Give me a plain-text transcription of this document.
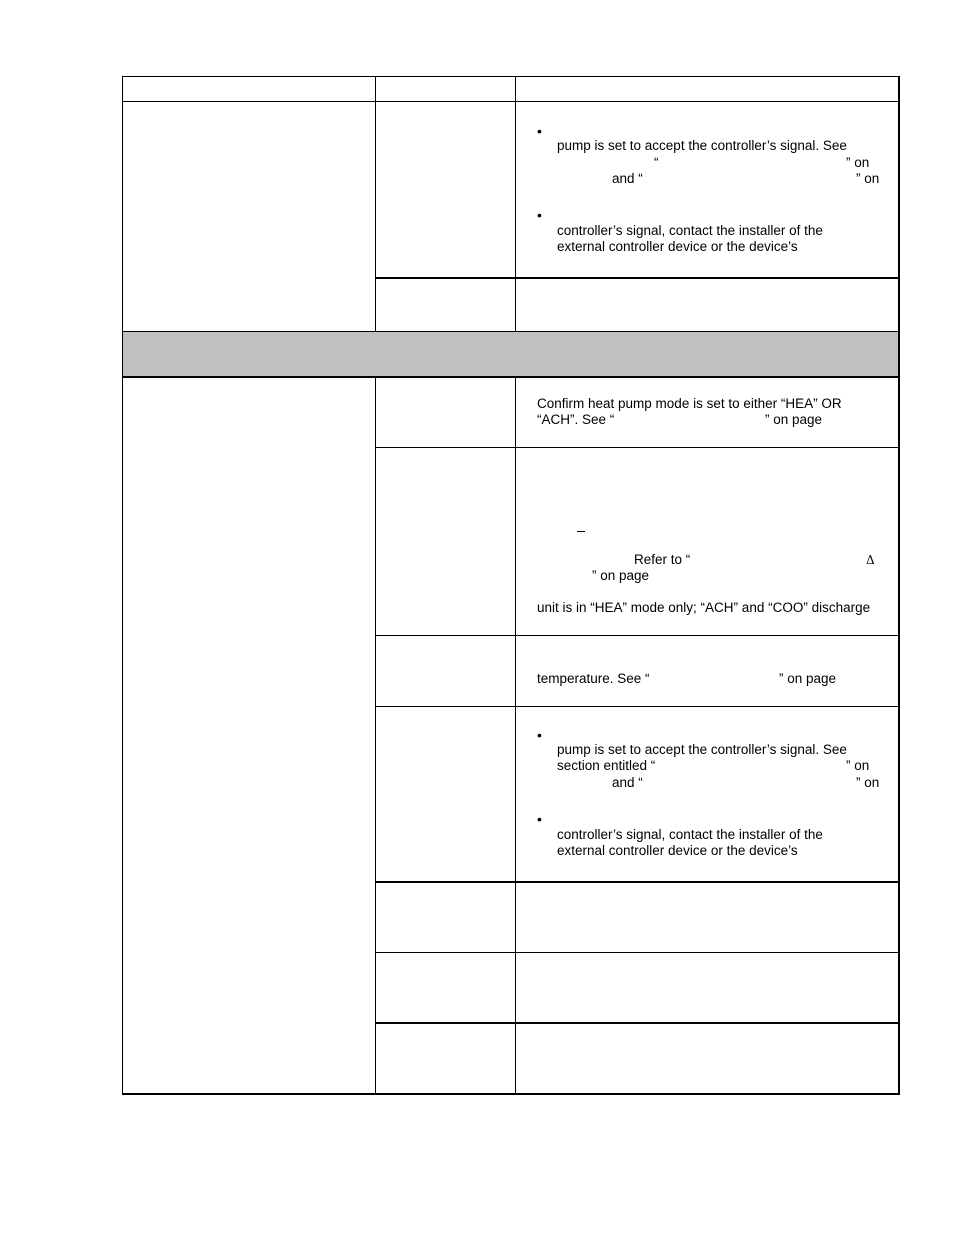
•
pump is set to accept the controller’s signal. See
“	” on
and “	” on
•
controller’s signal, contact the installer of the
external controller device or the device’s
Confirm heat pump mode is set to either “HEA” OR
“ACH”. See “	” on page
Refer to “	Δ
” on page
unit is in “HEA” mode only; “ACH” and “COO” discharge
temperature. See “	” on page
•
pump is set to accept the controller’s signal. See
section entitled “	” on
and “	” on
•
controller’s signal, contact the installer of the
external controller device or the device’s
